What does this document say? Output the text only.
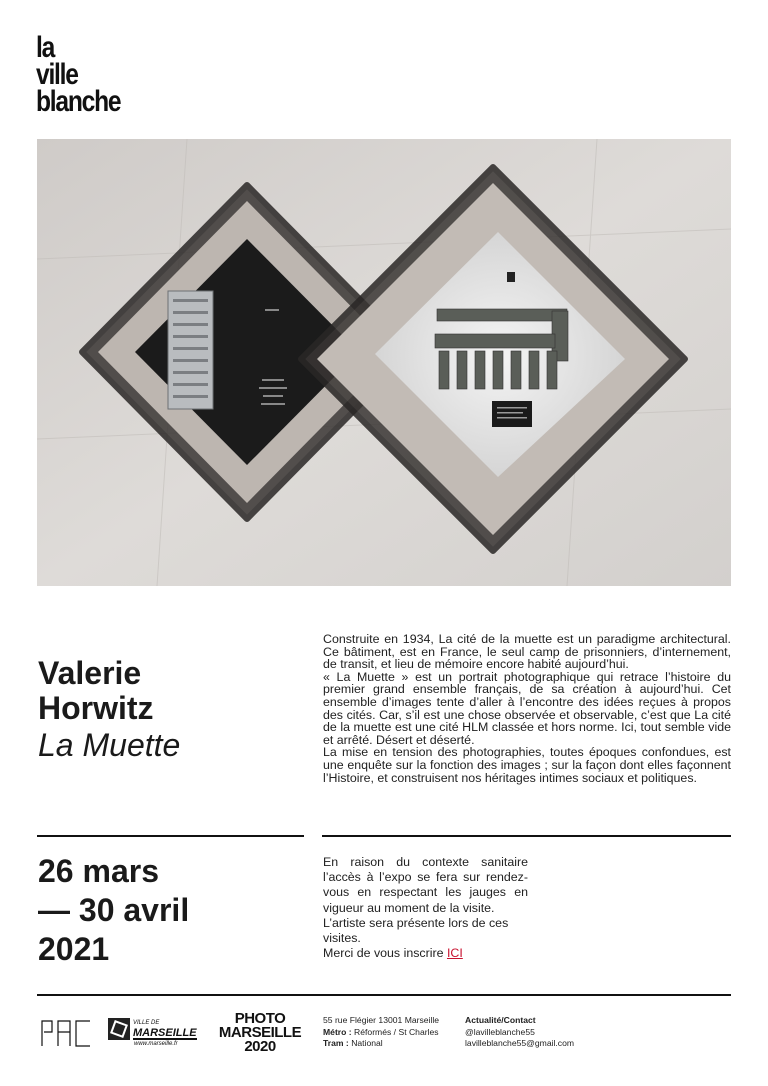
la
ville
blanche
Valerie
Horwitz
La Muette

Construite en 1934, La cité de la muette est un paradigme architectural. Ce bâtiment, est en France, le seul camp de prisonniers, d’internement, de transit, et lieu de mémoire encore habité aujourd’hui.

« La Muette » est un portrait photographique qui retrace l’histoire du premier grand ensemble français, de sa création à aujourd’hui. Cet ensemble d’images tente d’aller à l’encontre des idées reçues à propos des cités. Car, s’il est une chose observée et observable, c’est que La cité de la muette est une cité HLM classée et hors norme. Ici, tout semble vide et arrêté. Désert et déserté.

La mise en tension des photographies, toutes époques confondues, est une enquête sur la fonction des images ; sur la façon dont elles façonnent l’Histoire, et construisent nos héritages intimes sociaux et politiques.

26 mars
— 30 avril
2021

En raison du contexte sanitaire l’accès à l’expo se fera sur rendez-vous en respectant les jauges en vigueur au moment de la visite.

L’artiste sera présente lors de ces visites.

Merci de vous inscrire ICI

VILLE DE
MARSEILLE
www.marseille.fr
PHOTO
MARSEILLE
2020
55 rue Flégier 13001 Marseille
Métro : Réformés / St Charles
Tram : National
Actualité/Contact
@lavilleblanche55
lavilleblanche55@gmail.com
